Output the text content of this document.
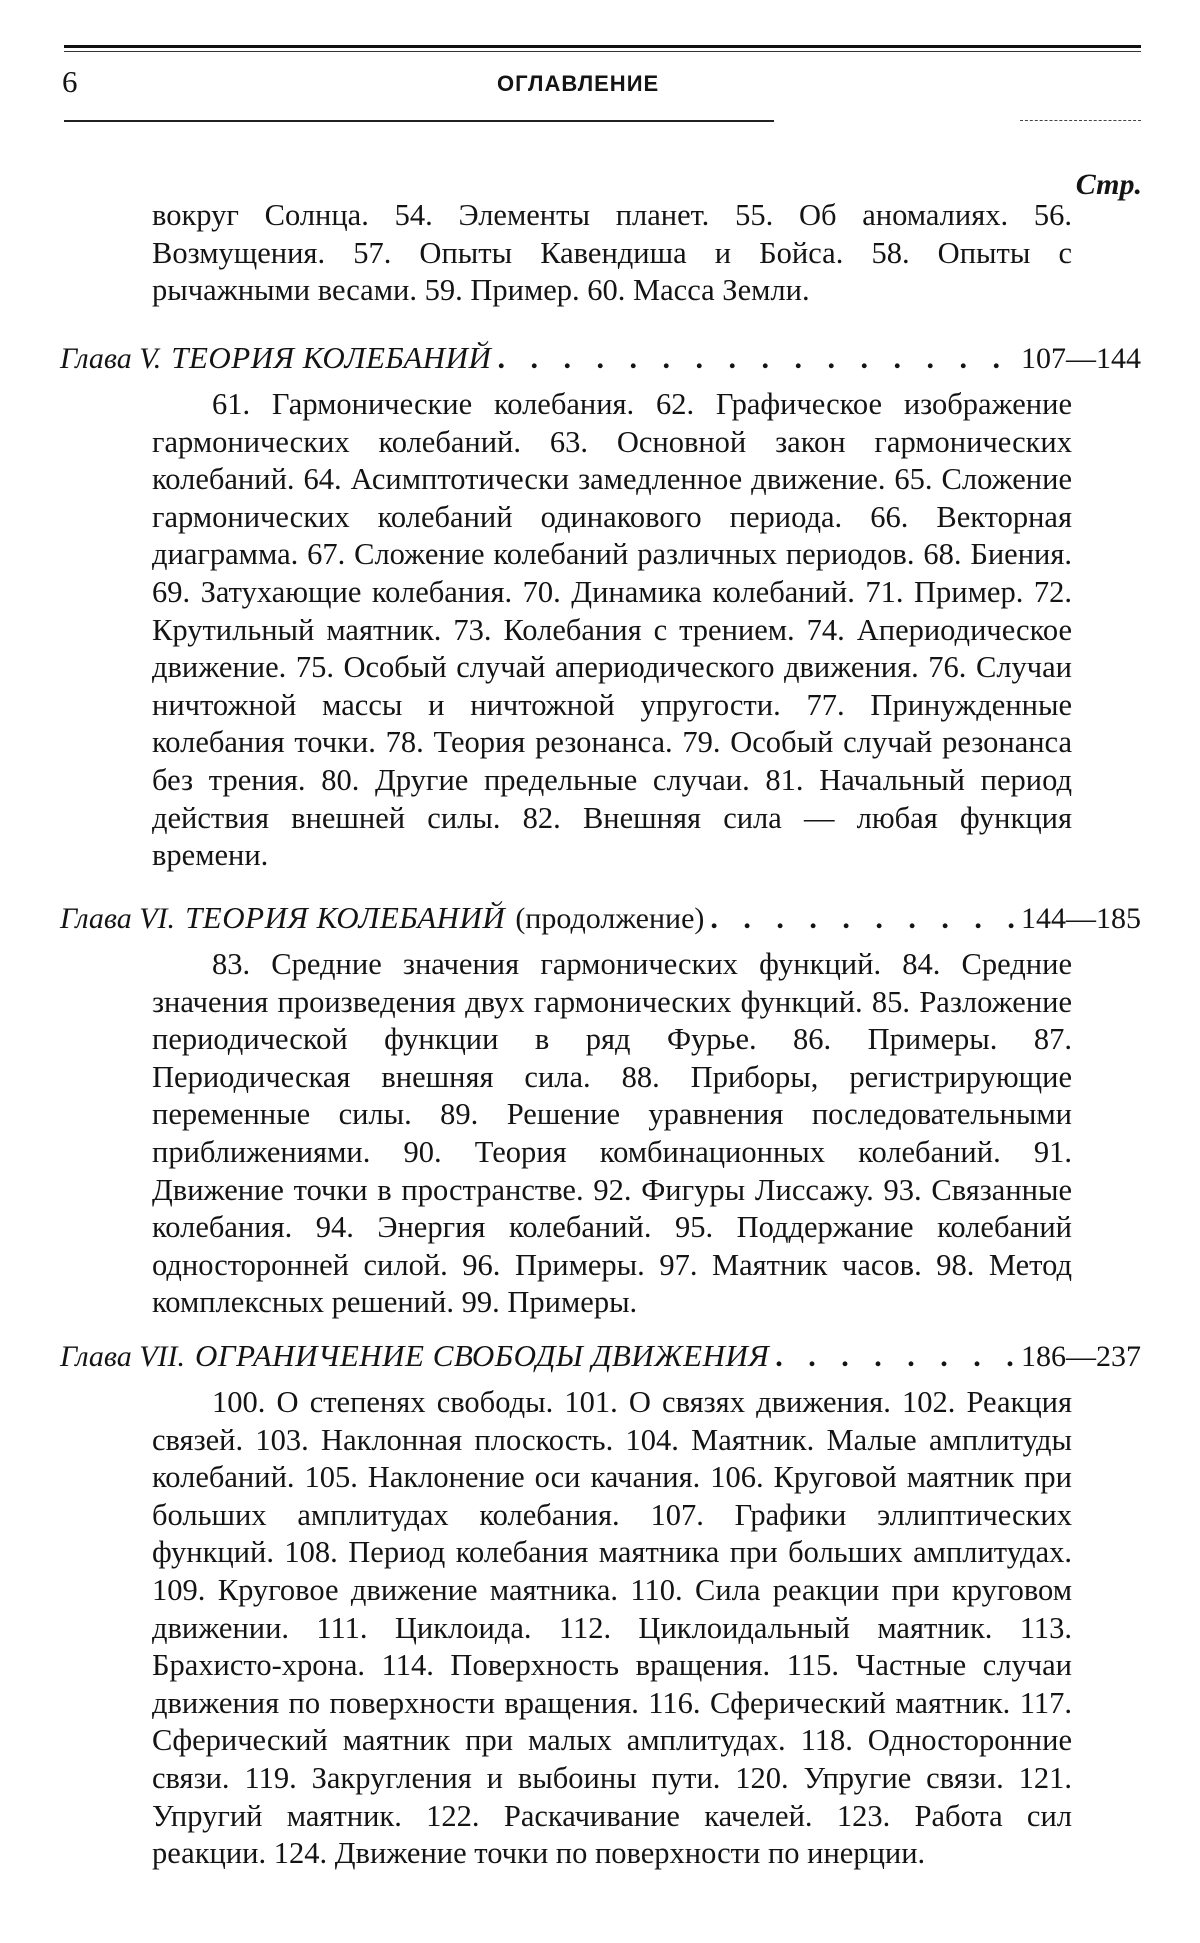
6	ОГЛАВЛЕНИЕ
Стр.
вокруг Солнца. 54. Элементы планет. 55. Об аномалиях. 56. Возмущения. 57. Опыты Кавендиша и Бойса. 58. Опыты с рычажными весами. 59. Пример. 60. Масса Земли.
Глава V. ТЕОРИЯ КОЛЕБАНИЙ . . .	107—144
61. Гармонические колебания. 62. Графическое изображение гармонических колебаний. 63. Основной закон гармонических колебаний. 64. Асимптотически замедленное движение. 65. Сложение гармонических колебаний одинакового периода. 66. Векторная диаграмма. 67. Сложение колебаний различных периодов. 68. Биения. 69. Затухающие колебания. 70. Динамика колебаний. 71. Пример. 72. Крутильный маятник. 73. Колебания с трением. 74. Апериодическое движение. 75. Особый случай апериодического движения. 76. Случаи ничтожной массы и ничтожной упругости. 77. Принужденные колебания точки. 78. Теория резонанса. 79. Особый случай резонанса без трения. 80. Другие предельные случаи. 81. Начальный период действия внешней силы. 82. Внешняя сила — любая функция времени.
Глава VI. ТЕОРИЯ КОЛЕБАНИЙ (продолжение) . . .	144—185
83. Средние значения гармонических функций. 84. Средние значения произведения двух гармонических функций. 85. Разложение периодической функции в ряд Фурье. 86. Примеры. 87. Периодическая внешняя сила. 88. Приборы, регистрирующие переменные силы. 89. Решение уравнения последовательными приближениями. 90. Теория комбинационных колебаний. 91. Движение точки в пространстве. 92. Фигуры Лиссажу. 93. Связанные колебания. 94. Энергия колебаний. 95. Поддержание колебаний односторонней силой. 96. Примеры. 97. Маятник часов. 98. Метод комплексных решений. 99. Примеры.
Глава VII. ОГРАНИЧЕНИЕ СВОБОДЫ ДВИЖЕНИЯ . . .	186—237
100. О степенях свободы. 101. О связях движения. 102. Реакция связей. 103. Наклонная плоскость. 104. Маятник. Малые амплитуды колебаний. 105. Наклонение оси качания. 106. Круговой маятник при больших амплитудах колебания. 107. Графики эллиптических функций. 108. Период колебания маятника при больших амплитудах. 109. Круговое движение маятника. 110. Сила реакции при круговом движении. 111. Циклоида. 112. Циклоидальный маятник. 113. Брахисто-хрона. 114. Поверхность вращения. 115. Частные случаи движения по поверхности вращения. 116. Сферический маятник. 117. Сферический маятник при малых амплитудах. 118. Односторонние связи. 119. Закругления и выбоины пути. 120. Упругие связи. 121. Упругий маятник. 122. Раскачивание качелей. 123. Работа сил реакции. 124. Движение точки по поверхности по инерции.
